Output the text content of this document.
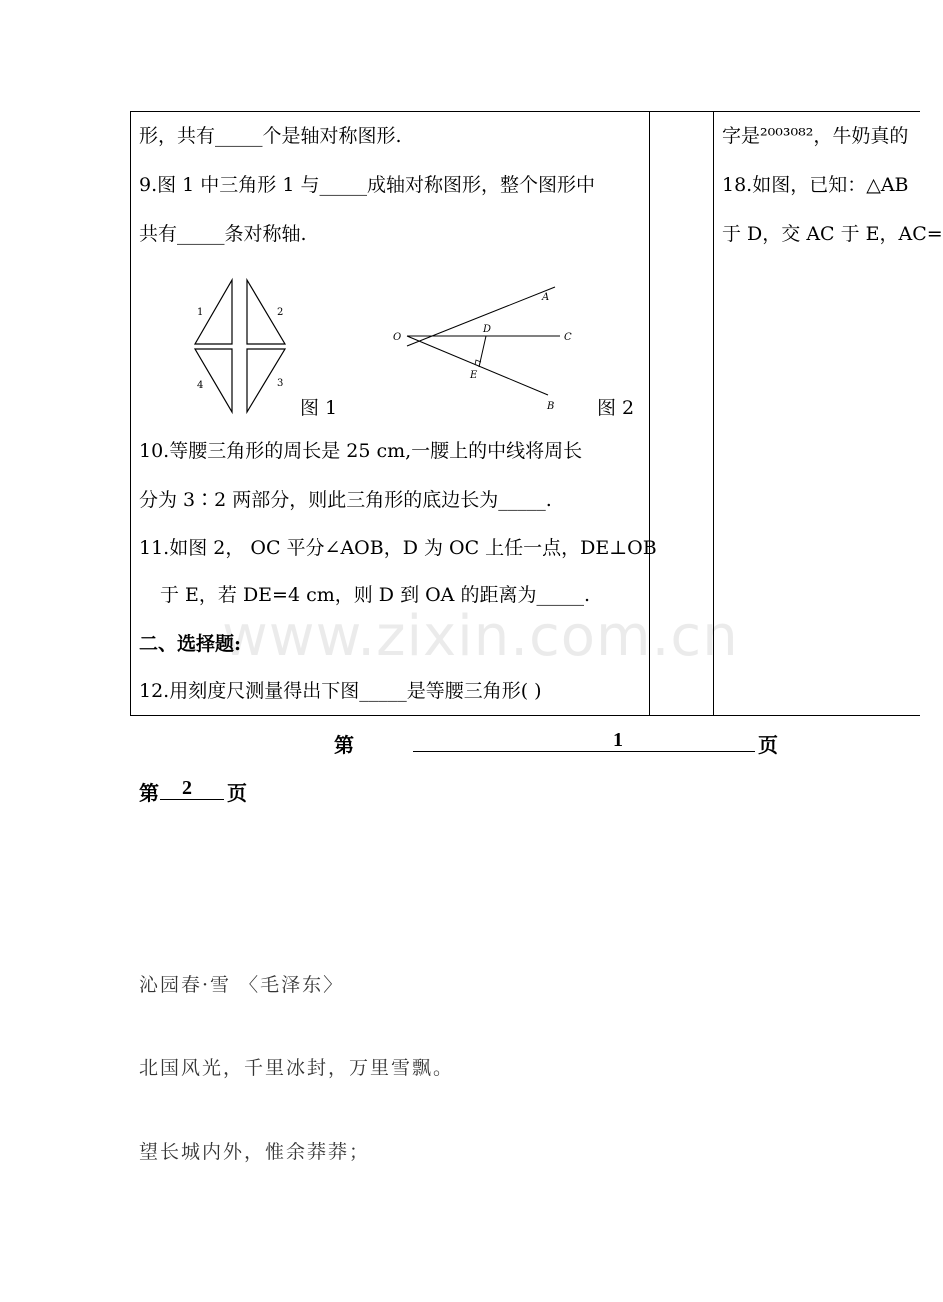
形，共有_____个是轴对称图形.
9.图 1 中三角形 1 与_____成轴对称图形，整个图形中
共有_____条对称轴.
1	2
4	3
图 1
A
O
D
C
E
B 图 2
10.等腰三角形的周长是 25 cm,一腰上的中线将周长
分为 3∶2 两部分，则此三角形的底边长为_____.
11.如图 2， OC 平分∠AOB，D 为 OC 上任一点，DE⊥OB
于 E，若 DE=4 cm，则 D 到 OA 的距离为_____.
二、选择题:
12.用刻度尺测量得出下图_____是等腰三角形( )
字是²⁰⁰³⁰⁸²，牛奶真的
18.如图，已知：△AB
于 D，交 AC 于 E，AC=
www.zixin.com.cn
第	1	页
第 2 页
沁园春·雪 〈毛泽东〉
北国风光，千里冰封，万里雪飘。
望长城内外，惟余莽莽；
